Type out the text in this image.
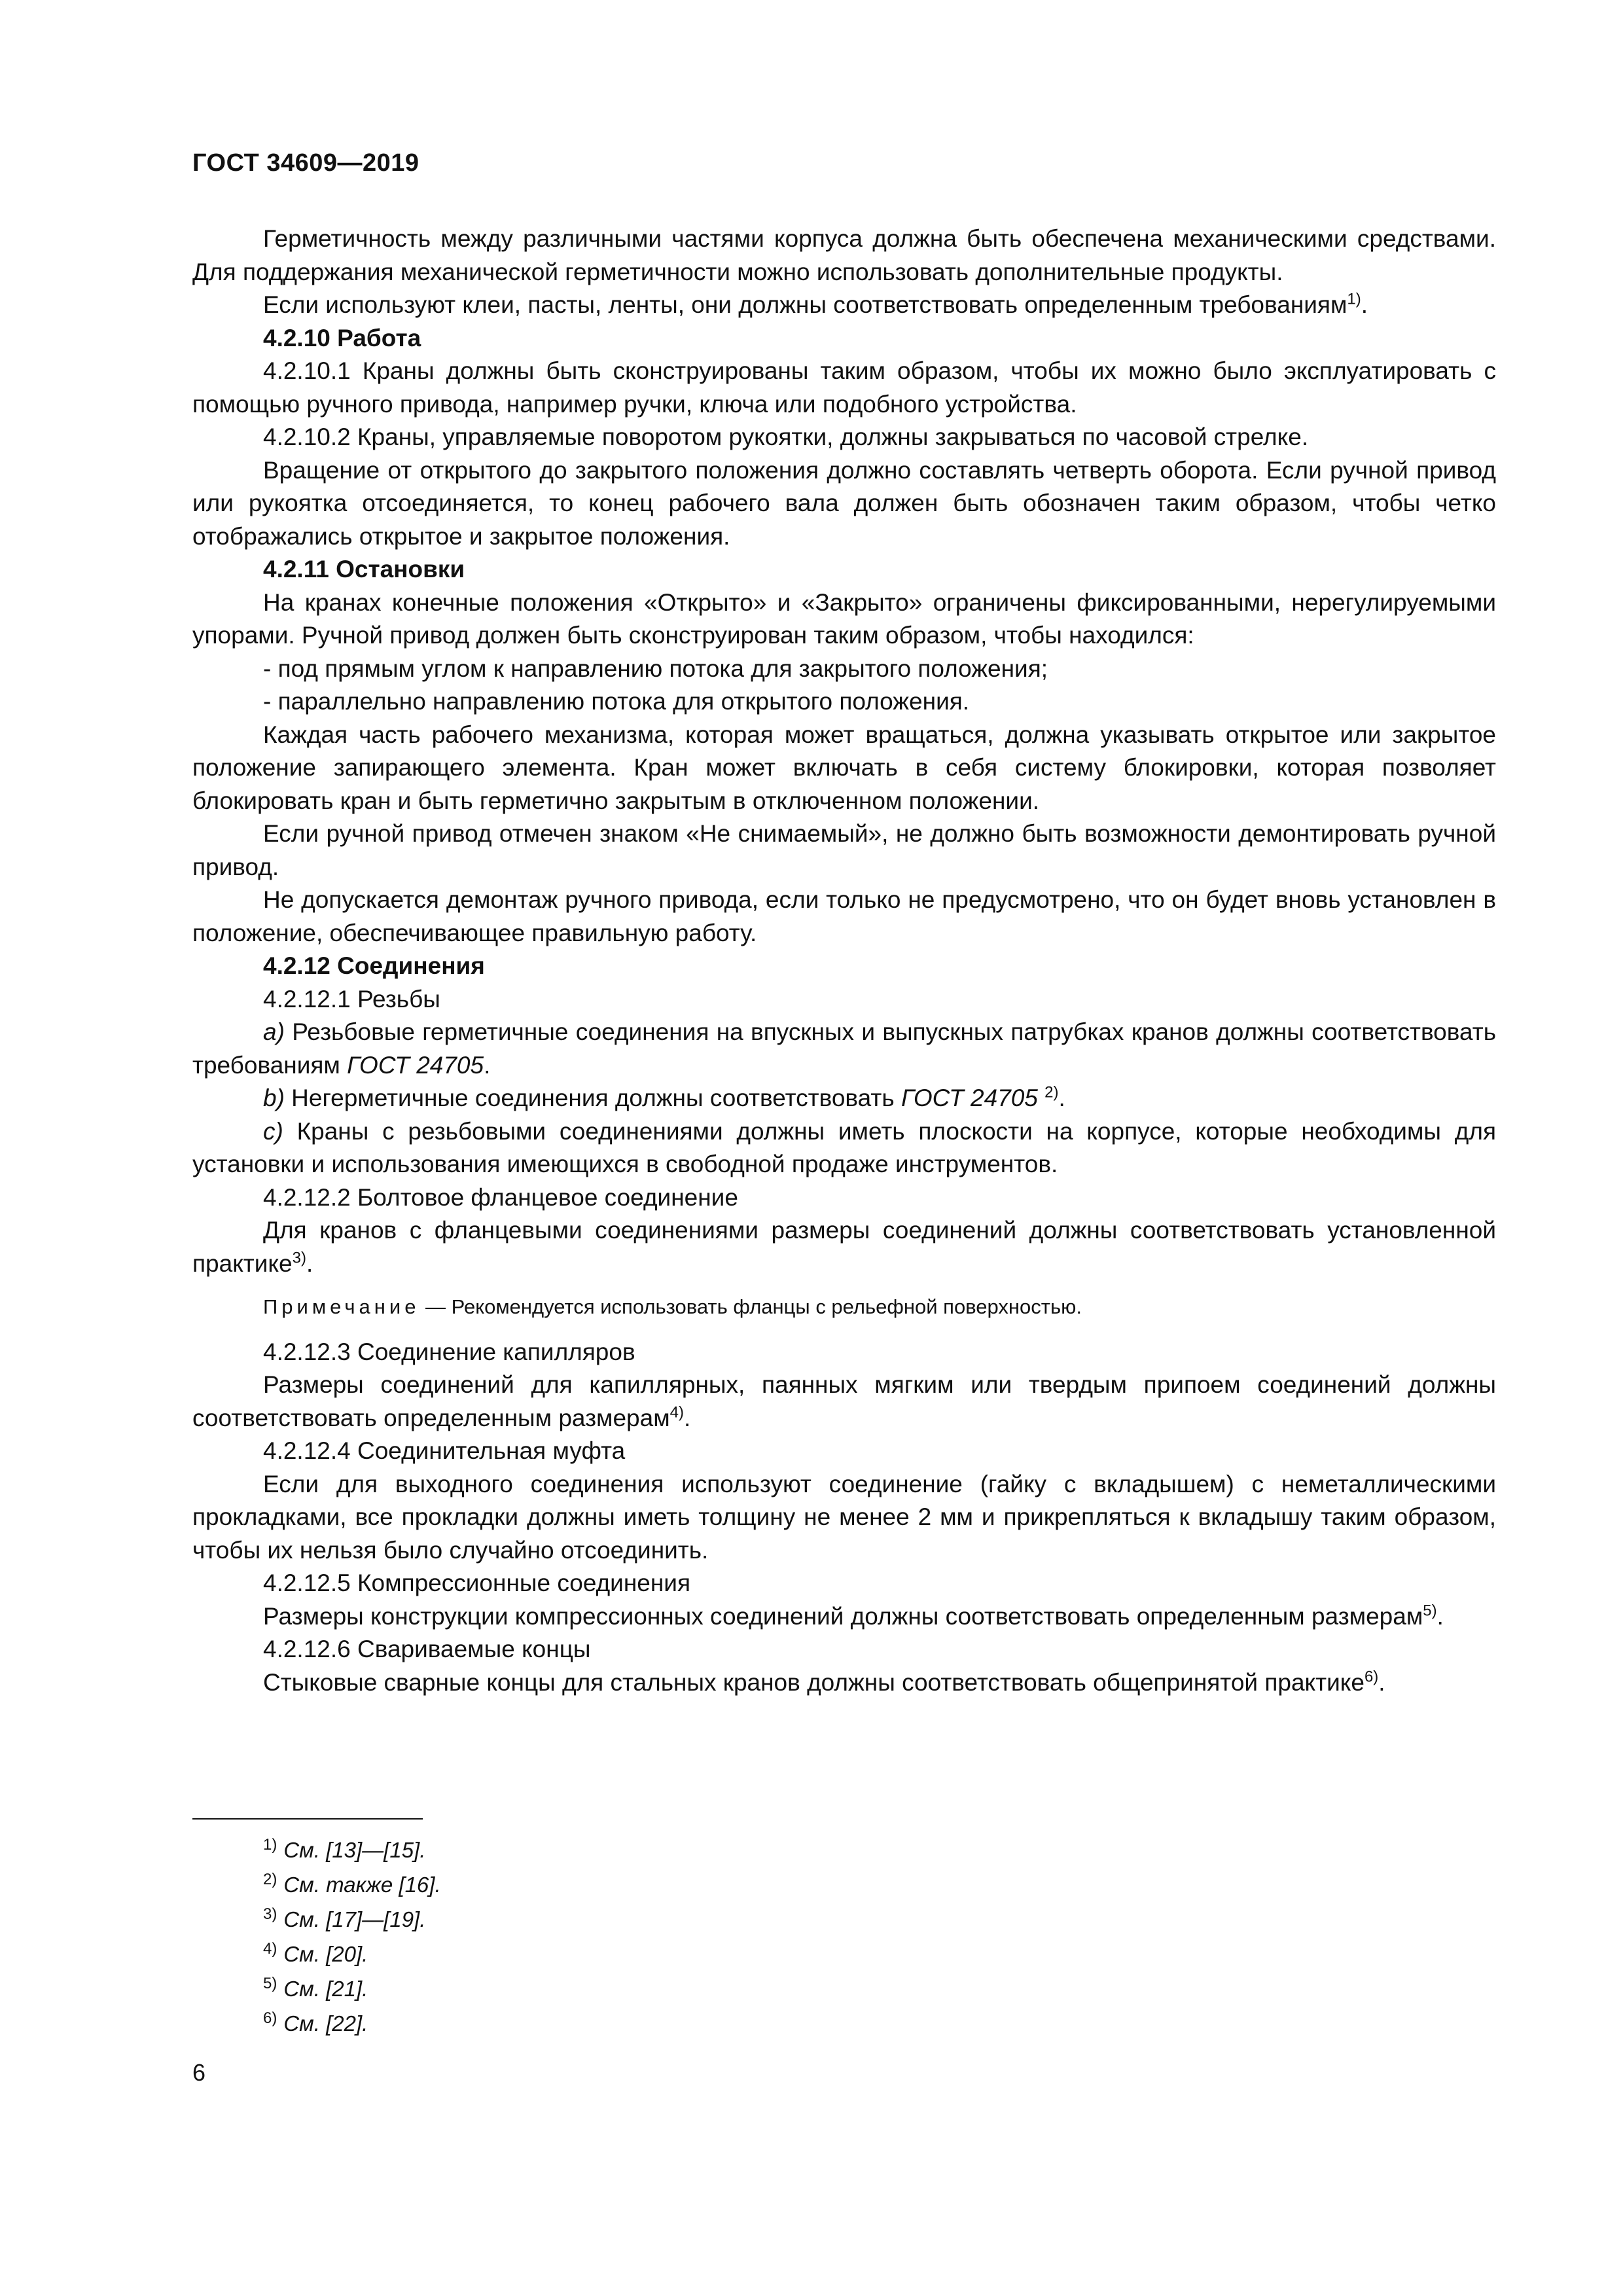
ГОСТ 34609—2019

Герметичность между различными частями корпуса должна быть обеспечена механическими средствами. Для поддержания механической герметичности можно использовать дополнительные продукты.

Если используют клеи, пасты, ленты, они должны соответствовать определенным требованиям$^{1)}$.

4.2.10 Работа

4.2.10.1 Краны должны быть сконструированы таким образом, чтобы их можно было эксплуатировать с помощью ручного привода, например ручки, ключа или подобного устройства.

4.2.10.2 Краны, управляемые поворотом рукоятки, должны закрываться по часовой стрелке.

Вращение от открытого до закрытого положения должно составлять четверть оборота. Если ручной привод или рукоятка отсоединяется, то конец рабочего вала должен быть обозначен таким образом, чтобы четко отображались открытое и закрытое положения.

4.2.11 Остановки

На кранах конечные положения «Открыто» и «Закрыто» ограничены фиксированными, нерегулируемыми упорами. Ручной привод должен быть сконструирован таким образом, чтобы находился:

- под прямым углом к направлению потока для закрытого положения;

- параллельно направлению потока для открытого положения.

Каждая часть рабочего механизма, которая может вращаться, должна указывать открытое или закрытое положение запирающего элемента. Кран может включать в себя систему блокировки, которая позволяет блокировать кран и быть герметично закрытым в отключенном положении.

Если ручной привод отмечен знаком «Не снимаемый», не должно быть возможности демонтировать ручной привод.

Не допускается демонтаж ручного привода, если только не предусмотрено, что он будет вновь установлен в положение, обеспечивающее правильную работу.

4.2.12 Соединения

4.2.12.1 Резьбы

a) Резьбовые герметичные соединения на впускных и выпускных патрубках кранов должны соответствовать требованиям ГОСТ 24705.

b) Негерметичные соединения должны соответствовать ГОСТ 24705 $^{2)}$.

с) Краны с резьбовыми соединениями должны иметь плоскости на корпусе, которые необходимы для установки и использования имеющихся в свободной продаже инструментов.

4.2.12.2 Болтовое фланцевое соединение

Для кранов с фланцевыми соединениями размеры соединений должны соответствовать установленной практике$^{3)}$.

Примечание — Рекомендуется использовать фланцы с рельефной поверхностью.

4.2.12.3 Соединение капилляров

Размеры соединений для капиллярных, паянных мягким или твердым припоем соединений должны соответствовать определенным размерам$^{4)}$.

4.2.12.4 Соединительная муфта

Если для выходного соединения используют соединение (гайку с вкладышем) с неметаллическими прокладками, все прокладки должны иметь толщину не менее 2 мм и прикрепляться к вкладышу таким образом, чтобы их нельзя было случайно отсоединить.

4.2.12.5 Компрессионные соединения

Размеры конструкции компрессионных соединений должны соответствовать определенным размерам$^{5)}$.

4.2.12.6 Свариваемые концы

Стыковые сварные концы для стальных кранов должны соответствовать общепринятой практике$^{6)}$.

$^{1)}$ См. [13]—[15].
$^{2)}$ См. также [16].
$^{3)}$ См. [17]—[19].
$^{4)}$ См. [20].
$^{5)}$ См. [21].
$^{6)}$ См. [22].
6
